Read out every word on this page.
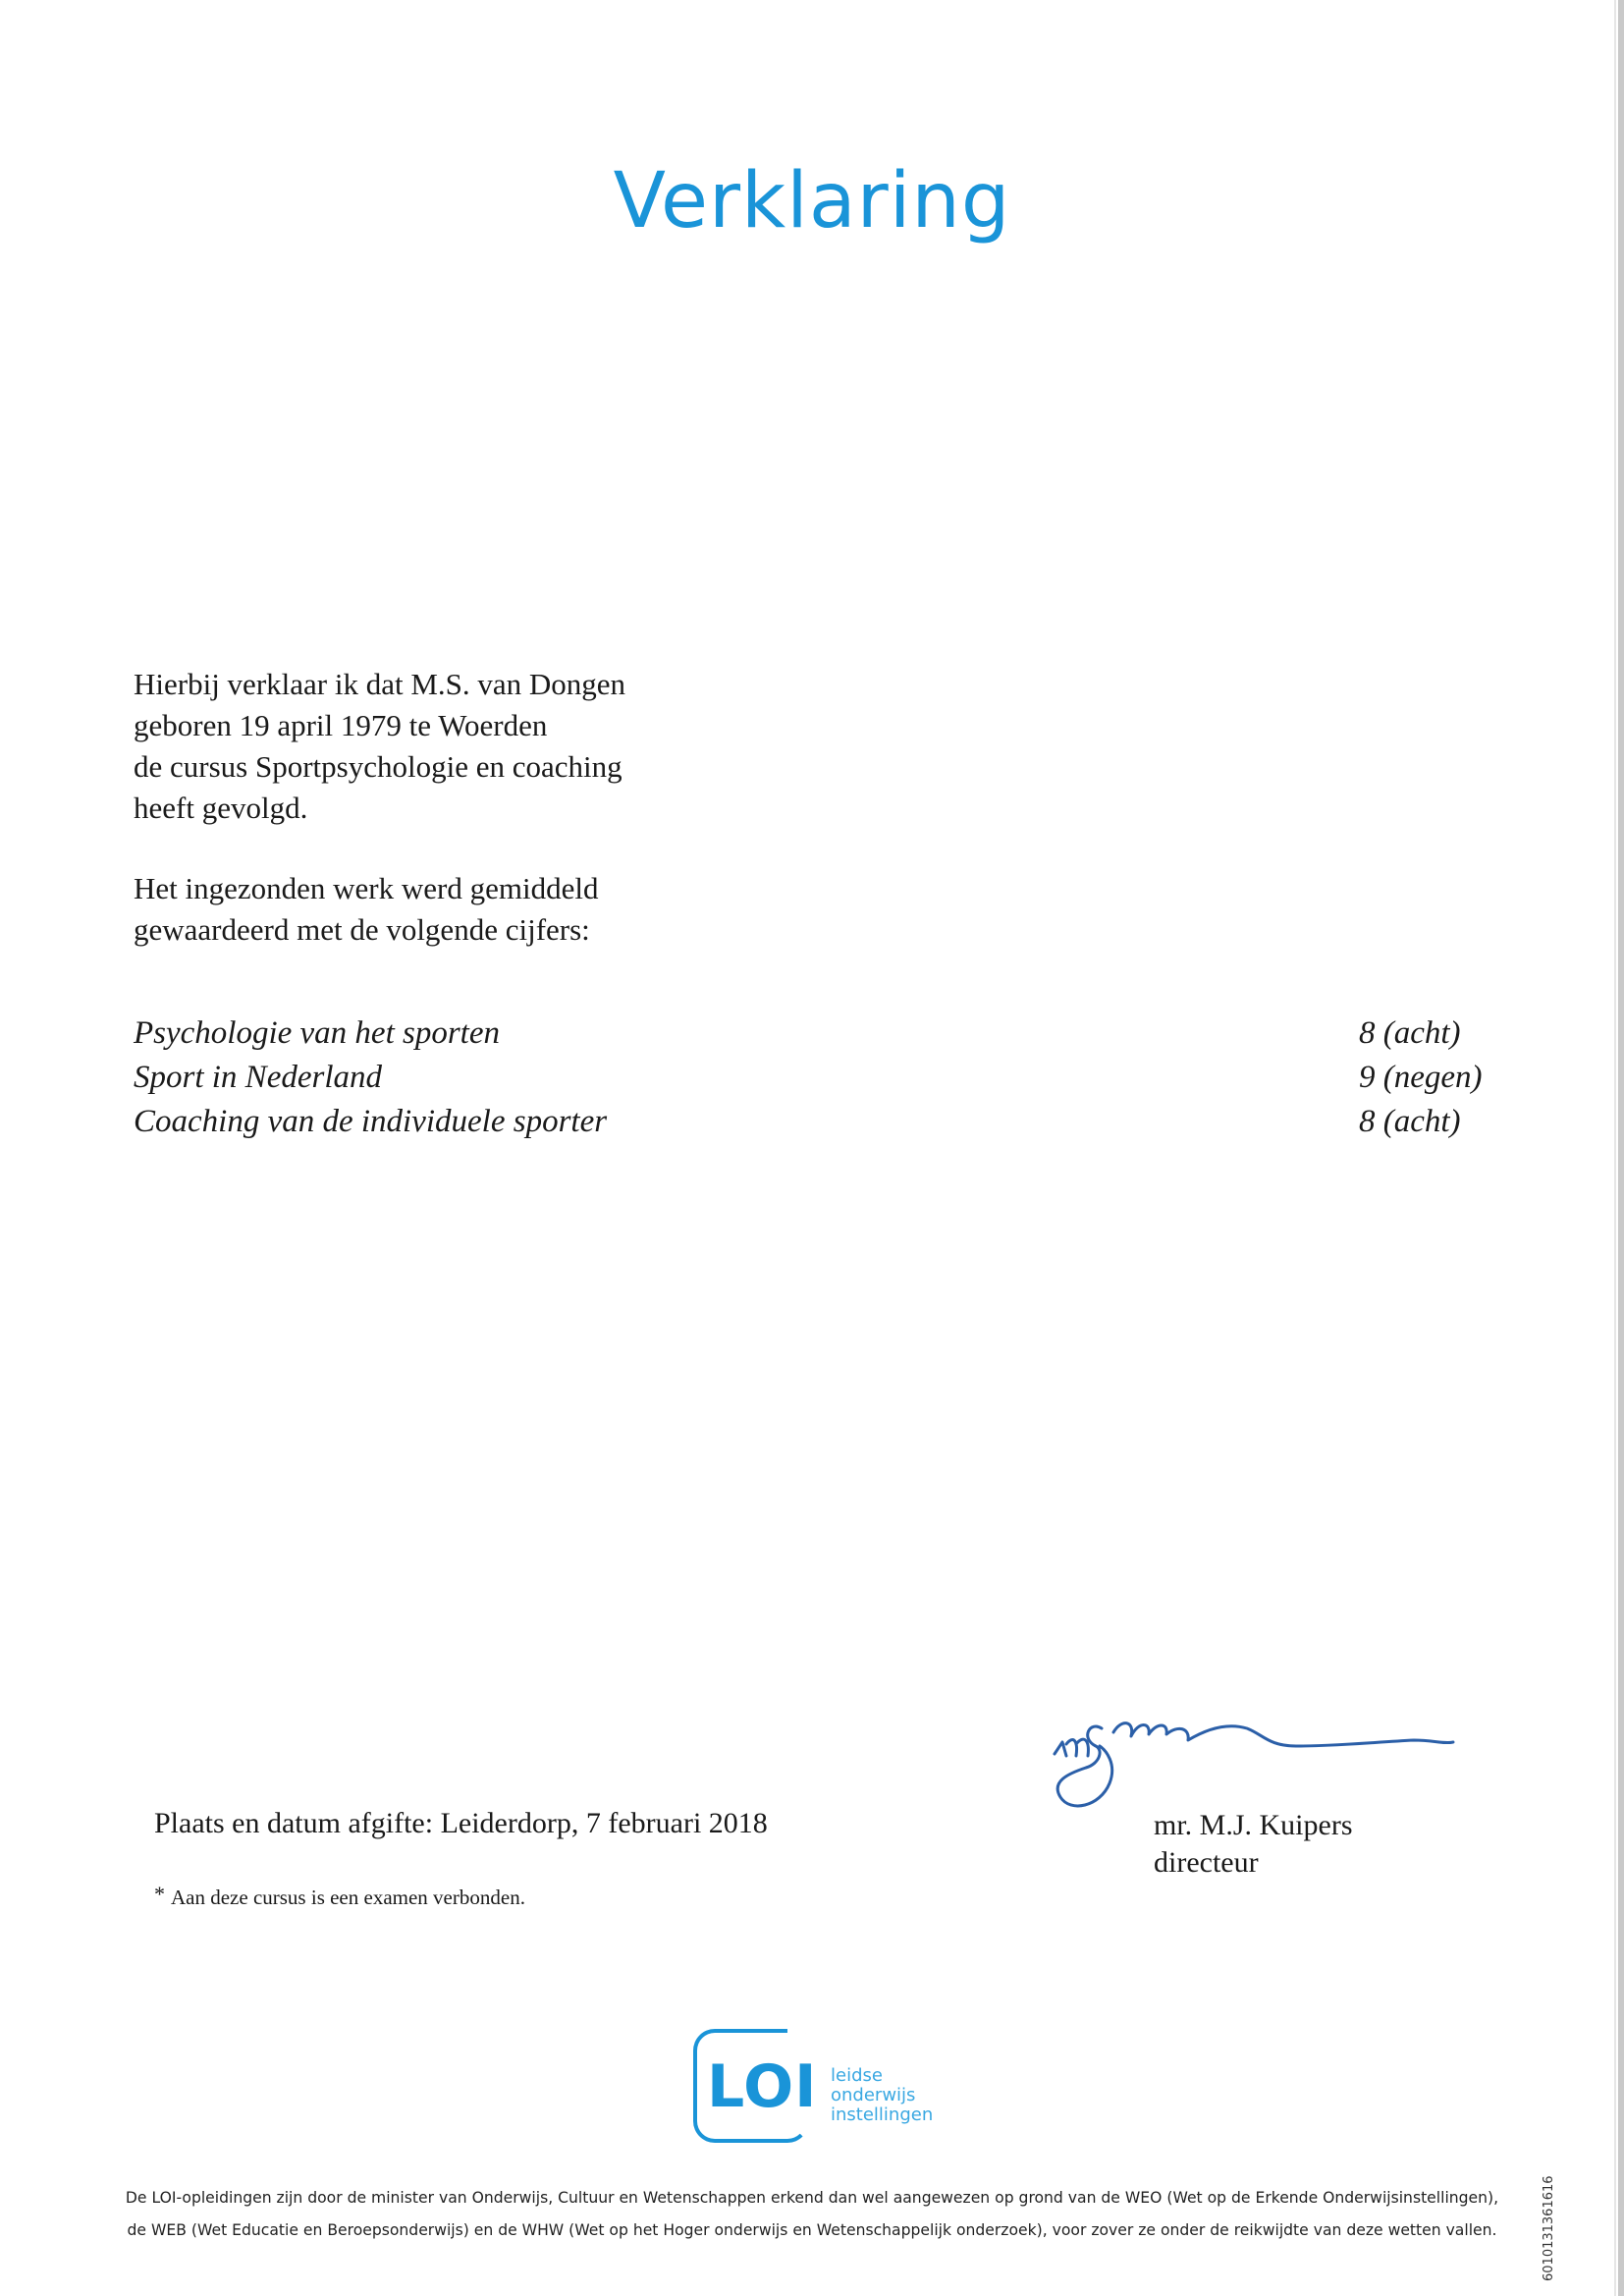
Verklaring
Hierbij verklaar ik dat M.S. van Dongen
geboren 19 april 1979 te Woerden
de cursus Sportpsychologie en coaching
heeft gevolgd.
Het ingezonden werk werd gemiddeld
gewaardeerd met de volgende cijfers:
Psychologie van het sporten	8 (acht)
Sport in Nederland	9 (negen)
Coaching van de individuele sporter	8 (acht)
Plaats en datum afgifte: Leiderdorp, 7 februari 2018
* Aan deze cursus is een examen verbonden.
mr. M.J. Kuipers
directeur
LOI leidse
onderwijs
instellingen
De LOI-opleidingen zijn door de minister van Onderwijs, Cultuur en Wetenschappen erkend dan wel aangewezen op grond van de WEO (Wet op de Erkende Onderwijsinstellingen),
de WEB (Wet Educatie en Beroepsonderwijs) en de WHW (Wet op het Hoger onderwijs en Wetenschappelijk onderzoek), voor zover ze onder de reikwijdte van deze wetten vallen.	6010131361616
